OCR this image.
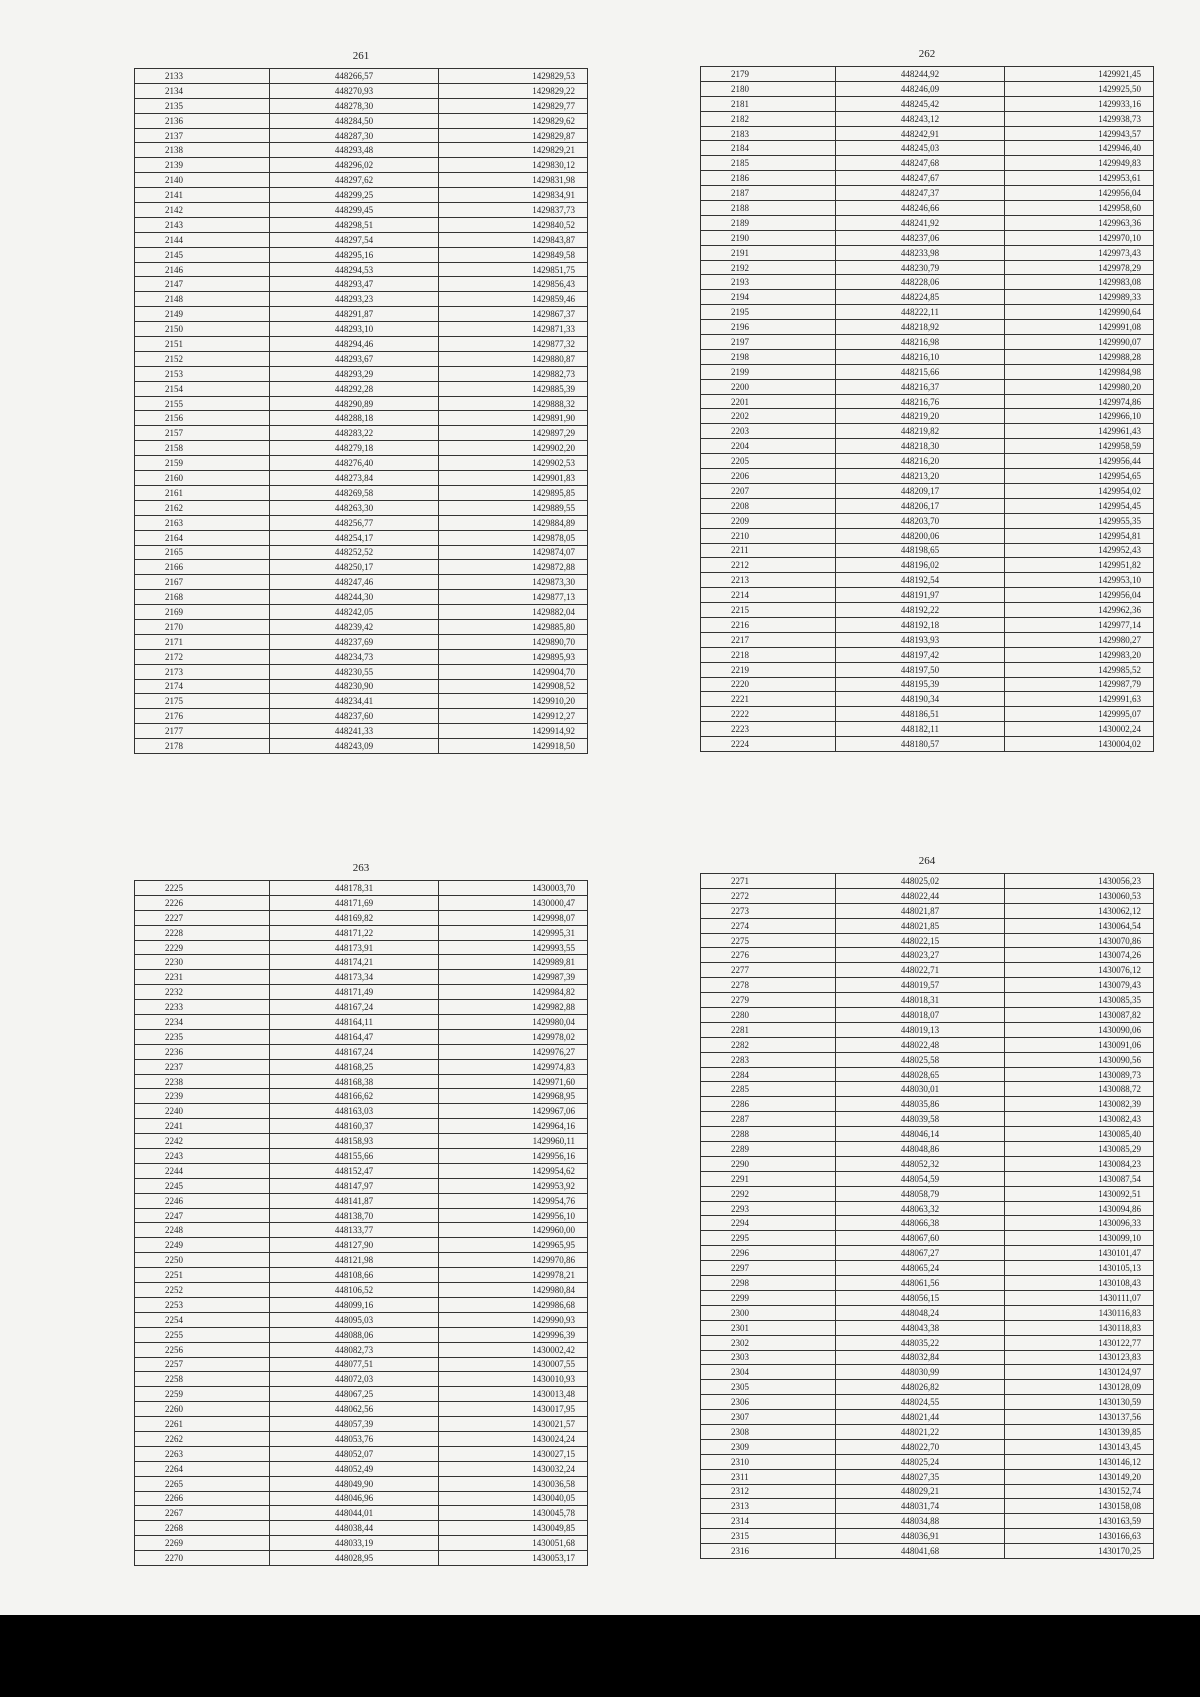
261
2133	448266,57	1429829,53
2134	448270,93	1429829,22
2135	448278,30	1429829,77
2136	448284,50	1429829,62
2137	448287,30	1429829,87
2138	448293,48	1429829,21
2139	448296,02	1429830,12
2140	448297,62	1429831,98
2141	448299,25	1429834,91
2142	448299,45	1429837,73
2143	448298,51	1429840,52
2144	448297,54	1429843,87
2145	448295,16	1429849,58
2146	448294,53	1429851,75
2147	448293,47	1429856,43
2148	448293,23	1429859,46
2149	448291,87	1429867,37
2150	448293,10	1429871,33
2151	448294,46	1429877,32
2152	448293,67	1429880,87
2153	448293,29	1429882,73
2154	448292,28	1429885,39
2155	448290,89	1429888,32
2156	448288,18	1429891,90
2157	448283,22	1429897,29
2158	448279,18	1429902,20
2159	448276,40	1429902,53
2160	448273,84	1429901,83
2161	448269,58	1429895,85
2162	448263,30	1429889,55
2163	448256,77	1429884,89
2164	448254,17	1429878,05
2165	448252,52	1429874,07
2166	448250,17	1429872,88
2167	448247,46	1429873,30
2168	448244,30	1429877,13
2169	448242,05	1429882,04
2170	448239,42	1429885,80
2171	448237,69	1429890,70
2172	448234,73	1429895,93
2173	448230,55	1429904,70
2174	448230,90	1429908,52
2175	448234,41	1429910,20
2176	448237,60	1429912,27
2177	448241,33	1429914,92
2178	448243,09	1429918,50
262
2179	448244,92	1429921,45
2180	448246,09	1429925,50
2181	448245,42	1429933,16
2182	448243,12	1429938,73
2183	448242,91	1429943,57
2184	448245,03	1429946,40
2185	448247,68	1429949,83
2186	448247,67	1429953,61
2187	448247,37	1429956,04
2188	448246,66	1429958,60
2189	448241,92	1429963,36
2190	448237,06	1429970,10
2191	448233,98	1429973,43
2192	448230,79	1429978,29
2193	448228,06	1429983,08
2194	448224,85	1429989,33
2195	448222,11	1429990,64
2196	448218,92	1429991,08
2197	448216,98	1429990,07
2198	448216,10	1429988,28
2199	448215,66	1429984,98
2200	448216,37	1429980,20
2201	448216,76	1429974,86
2202	448219,20	1429966,10
2203	448219,82	1429961,43
2204	448218,30	1429958,59
2205	448216,20	1429956,44
2206	448213,20	1429954,65
2207	448209,17	1429954,02
2208	448206,17	1429954,45
2209	448203,70	1429955,35
2210	448200,06	1429954,81
2211	448198,65	1429952,43
2212	448196,02	1429951,82
2213	448192,54	1429953,10
2214	448191,97	1429956,04
2215	448192,22	1429962,36
2216	448192,18	1429977,14
2217	448193,93	1429980,27
2218	448197,42	1429983,20
2219	448197,50	1429985,52
2220	448195,39	1429987,79
2221	448190,34	1429991,63
2222	448186,51	1429995,07
2223	448182,11	1430002,24
2224	448180,57	1430004,02
263
2225	448178,31	1430003,70
2226	448171,69	1430000,47
2227	448169,82	1429998,07
2228	448171,22	1429995,31
2229	448173,91	1429993,55
2230	448174,21	1429989,81
2231	448173,34	1429987,39
2232	448171,49	1429984,82
2233	448167,24	1429982,88
2234	448164,11	1429980,04
2235	448164,47	1429978,02
2236	448167,24	1429976,27
2237	448168,25	1429974,83
2238	448168,38	1429971,60
2239	448166,62	1429968,95
2240	448163,03	1429967,06
2241	448160,37	1429964,16
2242	448158,93	1429960,11
2243	448155,66	1429956,16
2244	448152,47	1429954,62
2245	448147,97	1429953,92
2246	448141,87	1429954,76
2247	448138,70	1429956,10
2248	448133,77	1429960,00
2249	448127,90	1429965,95
2250	448121,98	1429970,86
2251	448108,66	1429978,21
2252	448106,52	1429980,84
2253	448099,16	1429986,68
2254	448095,03	1429990,93
2255	448088,06	1429996,39
2256	448082,73	1430002,42
2257	448077,51	1430007,55
2258	448072,03	1430010,93
2259	448067,25	1430013,48
2260	448062,56	1430017,95
2261	448057,39	1430021,57
2262	448053,76	1430024,24
2263	448052,07	1430027,15
2264	448052,49	1430032,24
2265	448049,90	1430036,58
2266	448046,96	1430040,05
2267	448044,01	1430045,78
2268	448038,44	1430049,85
2269	448033,19	1430051,68
2270	448028,95	1430053,17
264
2271	448025,02	1430056,23
2272	448022,44	1430060,53
2273	448021,87	1430062,12
2274	448021,85	1430064,54
2275	448022,15	1430070,86
2276	448023,27	1430074,26
2277	448022,71	1430076,12
2278	448019,57	1430079,43
2279	448018,31	1430085,35
2280	448018,07	1430087,82
2281	448019,13	1430090,06
2282	448022,48	1430091,06
2283	448025,58	1430090,56
2284	448028,65	1430089,73
2285	448030,01	1430088,72
2286	448035,86	1430082,39
2287	448039,58	1430082,43
2288	448046,14	1430085,40
2289	448048,86	1430085,29
2290	448052,32	1430084,23
2291	448054,59	1430087,54
2292	448058,79	1430092,51
2293	448063,32	1430094,86
2294	448066,38	1430096,33
2295	448067,60	1430099,10
2296	448067,27	1430101,47
2297	448065,24	1430105,13
2298	448061,56	1430108,43
2299	448056,15	1430111,07
2300	448048,24	1430116,83
2301	448043,38	1430118,83
2302	448035,22	1430122,77
2303	448032,84	1430123,83
2304	448030,99	1430124,97
2305	448026,82	1430128,09
2306	448024,55	1430130,59
2307	448021,44	1430137,56
2308	448021,22	1430139,85
2309	448022,70	1430143,45
2310	448025,24	1430146,12
2311	448027,35	1430149,20
2312	448029,21	1430152,74
2313	448031,74	1430158,08
2314	448034,88	1430163,59
2315	448036,91	1430166,63
2316	448041,68	1430170,25
